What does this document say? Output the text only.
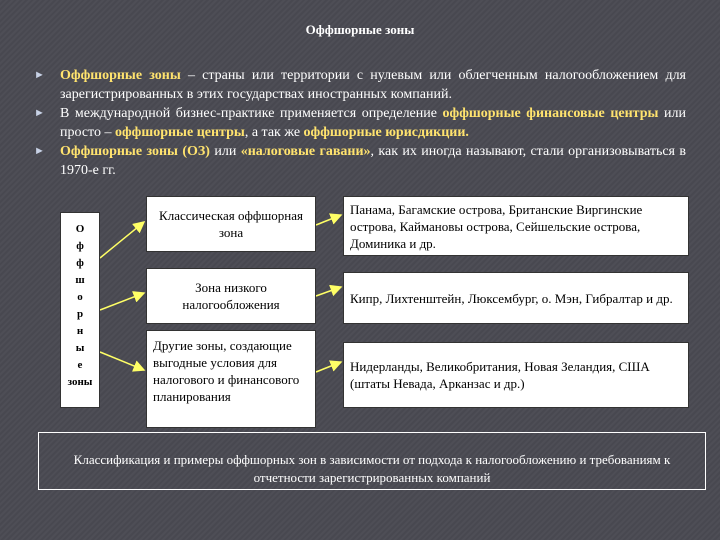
Оффшорные зоны
► Оффшорные зоны – страны или территории с нулевым или облегченным налогообложением для зарегистрированных в этих государствах иностранных компаний.
► В международной бизнес-практике применяется определение оффшорные финансовые центры или просто – оффшорные центры, а так же оффшорные юрисдикции.
► Оффшорные зоны (ОЗ) или «налоговые гавани», как их иногда называют, стали организовываться в 1970-е гг.
О
ф
ф
ш
о
р
н
ы
е
зоны
Классическая оффшорная зона
Зона низкого налогообложения
Другие зоны, создающие выгодные условия для налогового и финансового планирования
Панама, Багамские острова, Британские Виргинские острова, Каймановы острова, Сейшельские острова, Доминика и др.
Кипр, Лихтенштейн, Люксембург, о. Мэн, Гибралтар и др.
Нидерланды, Великобритания, Новая Зеландия, США (штаты Невада, Арканзас и др.)
Классификация и примеры оффшорных зон в зависимости от подхода к налогообложению и требованиям к отчетности зарегистрированных компаний
